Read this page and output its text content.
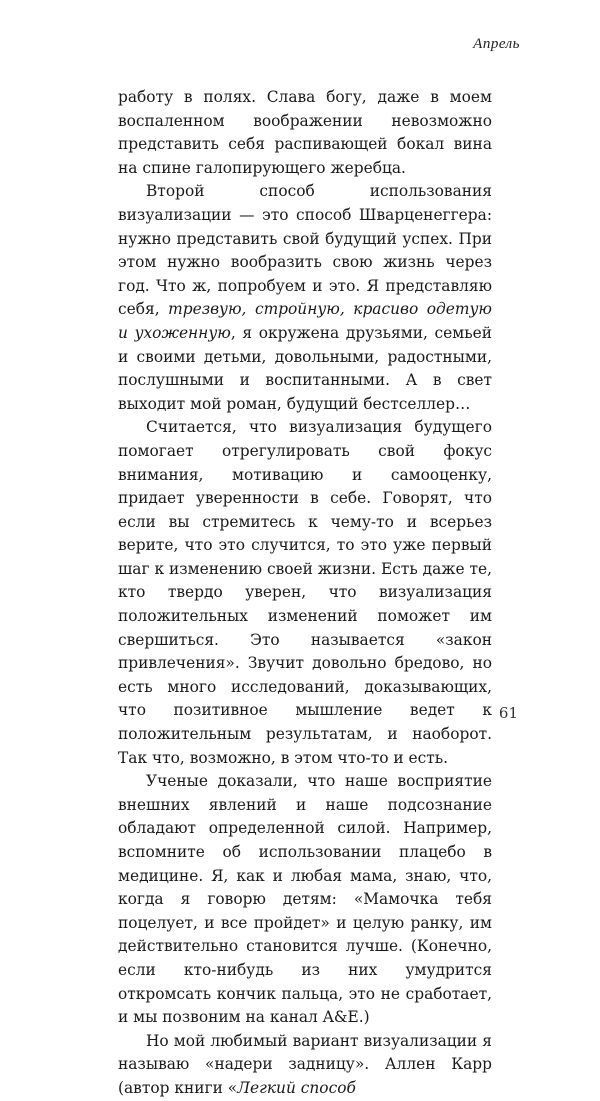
Апрель

работу в полях. Слава богу, даже в моем воспаленном воображении невозможно представить себя распивающей бокал вина на спине галопирующего жеребца.

Второй способ использования визуализации — это способ Шварценеггера: нужно представить свой будущий успех. При этом нужно вообразить свою жизнь через год. Что ж, попробуем и это. Я представляю себя, трезвую, стройную, красиво одетую и ухоженную, я окружена друзьями, семьей и своими детьми, довольными, радостными, послушными и воспитанными. А в свет выходит мой роман, будущий бестселлер…

Считается, что визуализация будущего помогает отрегулировать свой фокус внимания, мотивацию и самооценку, придает уверенности в себе. Говорят, что если вы стремитесь к чему-то и всерьез верите, что это случится, то это уже первый шаг к изменению своей жизни. Есть даже те, кто твердо уверен, что визуализация положительных изменений поможет им свершиться. Это называется «закон привлечения». Звучит довольно бредово, но есть много исследований, доказывающих, что позитивное мышление ведет к положительным результатам, и наоборот. Так что, возможно, в этом что-то и есть.

Ученые доказали, что наше восприятие внешних явлений и наше подсознание обладают определенной силой. Например, вспомните об использовании плацебо в медицине. Я, как и любая мама, знаю, что, когда я говорю детям: «Мамочка тебя поцелует, и все пройдет» и целую ранку, им действительно становится лучше. (Конечно, если кто-нибудь из них умудрится откромсать кончик пальца, это не сработает, и мы позвоним на канал A&E.)

Но мой любимый вариант визуализации я называю «надери задницу». Аллен Карр (автор книги «Легкий способ

61
